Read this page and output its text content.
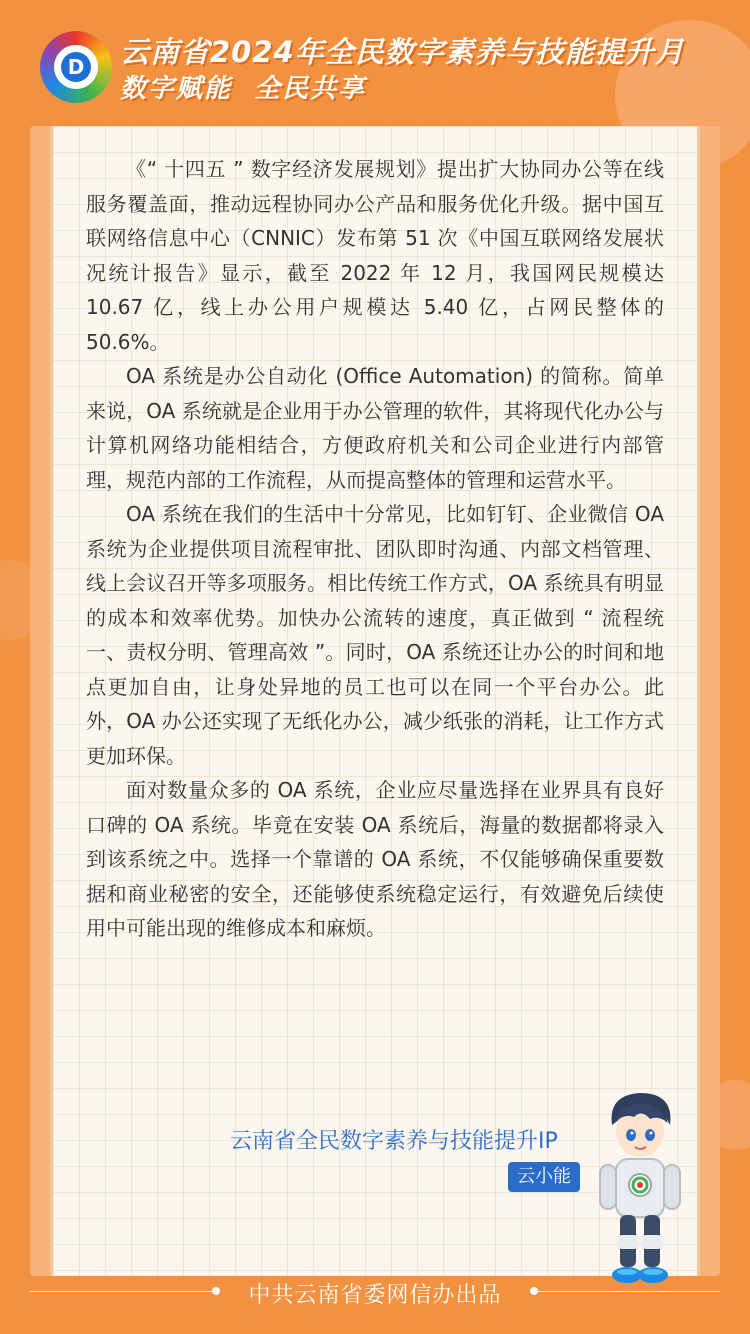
D 云南省2024年全民数字素养与技能提升月
数字赋能  全民共享

《“ 十四五 ” 数字经济发展规划》提出扩大协同办公等在线服务覆盖面，推动远程协同办公产品和服务优化升级。据中国互联网络信息中心（CNNIC）发布第 51 次《中国互联网络发展状况统计报告》显示，截至 2022 年 12 月，我国网民规模达 10.67 亿，线上办公用户规模达 5.40 亿，占网民整体的 50.6%。

OA 系统是办公自动化 (Office Automation) 的简称。简单来说，OA 系统就是企业用于办公管理的软件，其将现代化办公与计算机网络功能相结合，方便政府机关和公司企业进行内部管理，规范内部的工作流程，从而提高整体的管理和运营水平。

OA 系统在我们的生活中十分常见，比如钉钉、企业微信 OA 系统为企业提供项目流程审批、团队即时沟通、内部文档管理、线上会议召开等多项服务。相比传统工作方式，OA 系统具有明显的成本和效率优势。加快办公流转的速度，真正做到 “ 流程统一、责权分明、管理高效 ”。同时，OA 系统还让办公的时间和地点更加自由，让身处异地的员工也可以在同一个平台办公。此外，OA 办公还实现了无纸化办公，减少纸张的消耗，让工作方式更加环保。

面对数量众多的 OA 系统，企业应尽量选择在业界具有良好口碑的 OA 系统。毕竟在安装 OA 系统后，海量的数据都将录入到该系统之中。选择一个靠谱的 OA 系统，不仅能够确保重要数据和商业秘密的安全，还能够使系统稳定运行，有效避免后续使用中可能出现的维修成本和麻烦。

云南省全民数字素养与技能提升IP
云小能
中共云南省委网信办出品
